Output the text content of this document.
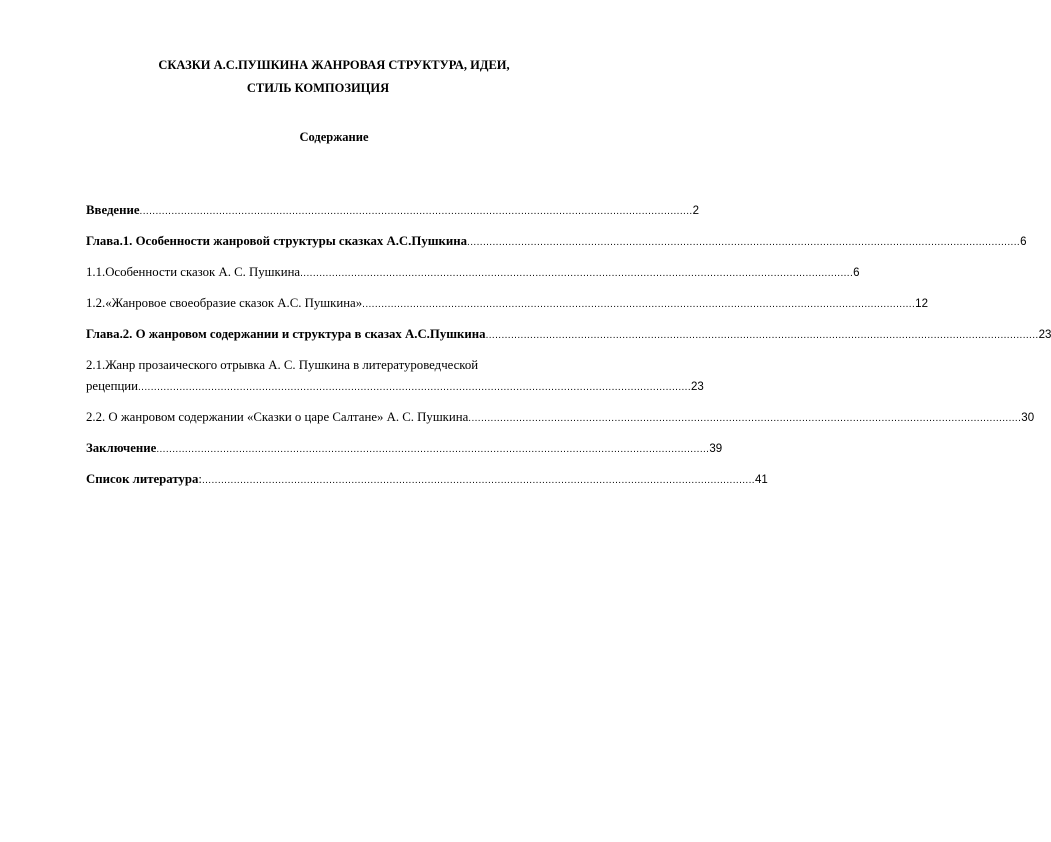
СКАЗКИ А.С.ПУШКИНА ЖАНРОВАЯ СТРУКТУРА, ИДЕИ,
СТИЛЬ КОМПОЗИЦИЯ
Содержание
Введение .............................................................................................................................................................................. 2
Глава.1. Особенности жанровой структуры сказках А.С.Пушкина .............................................................................................................................................................................. 6
1.1.Особенности сказок А. С. Пушкина .............................................................................................................................................................................. 6
1.2.«Жанровое своеобразие сказок А.С. Пушкина» .............................................................................................................................................................................. 12
Глава.2. О жанровом содержании и структура в сказах А.С.Пушкина .............................................................................................................................................................................. 23
2.1.Жанр прозаического отрывка А. С. Пушкина в литературоведческой
рецепции .............................................................................................................................................................................. 23
2.2. О жанровом содержании «Сказки о царе Салтане» А. С. Пушкина .............................................................................................................................................................................. 30
Заключение .............................................................................................................................................................................. 39
Список литература : .............................................................................................................................................................................. 41
